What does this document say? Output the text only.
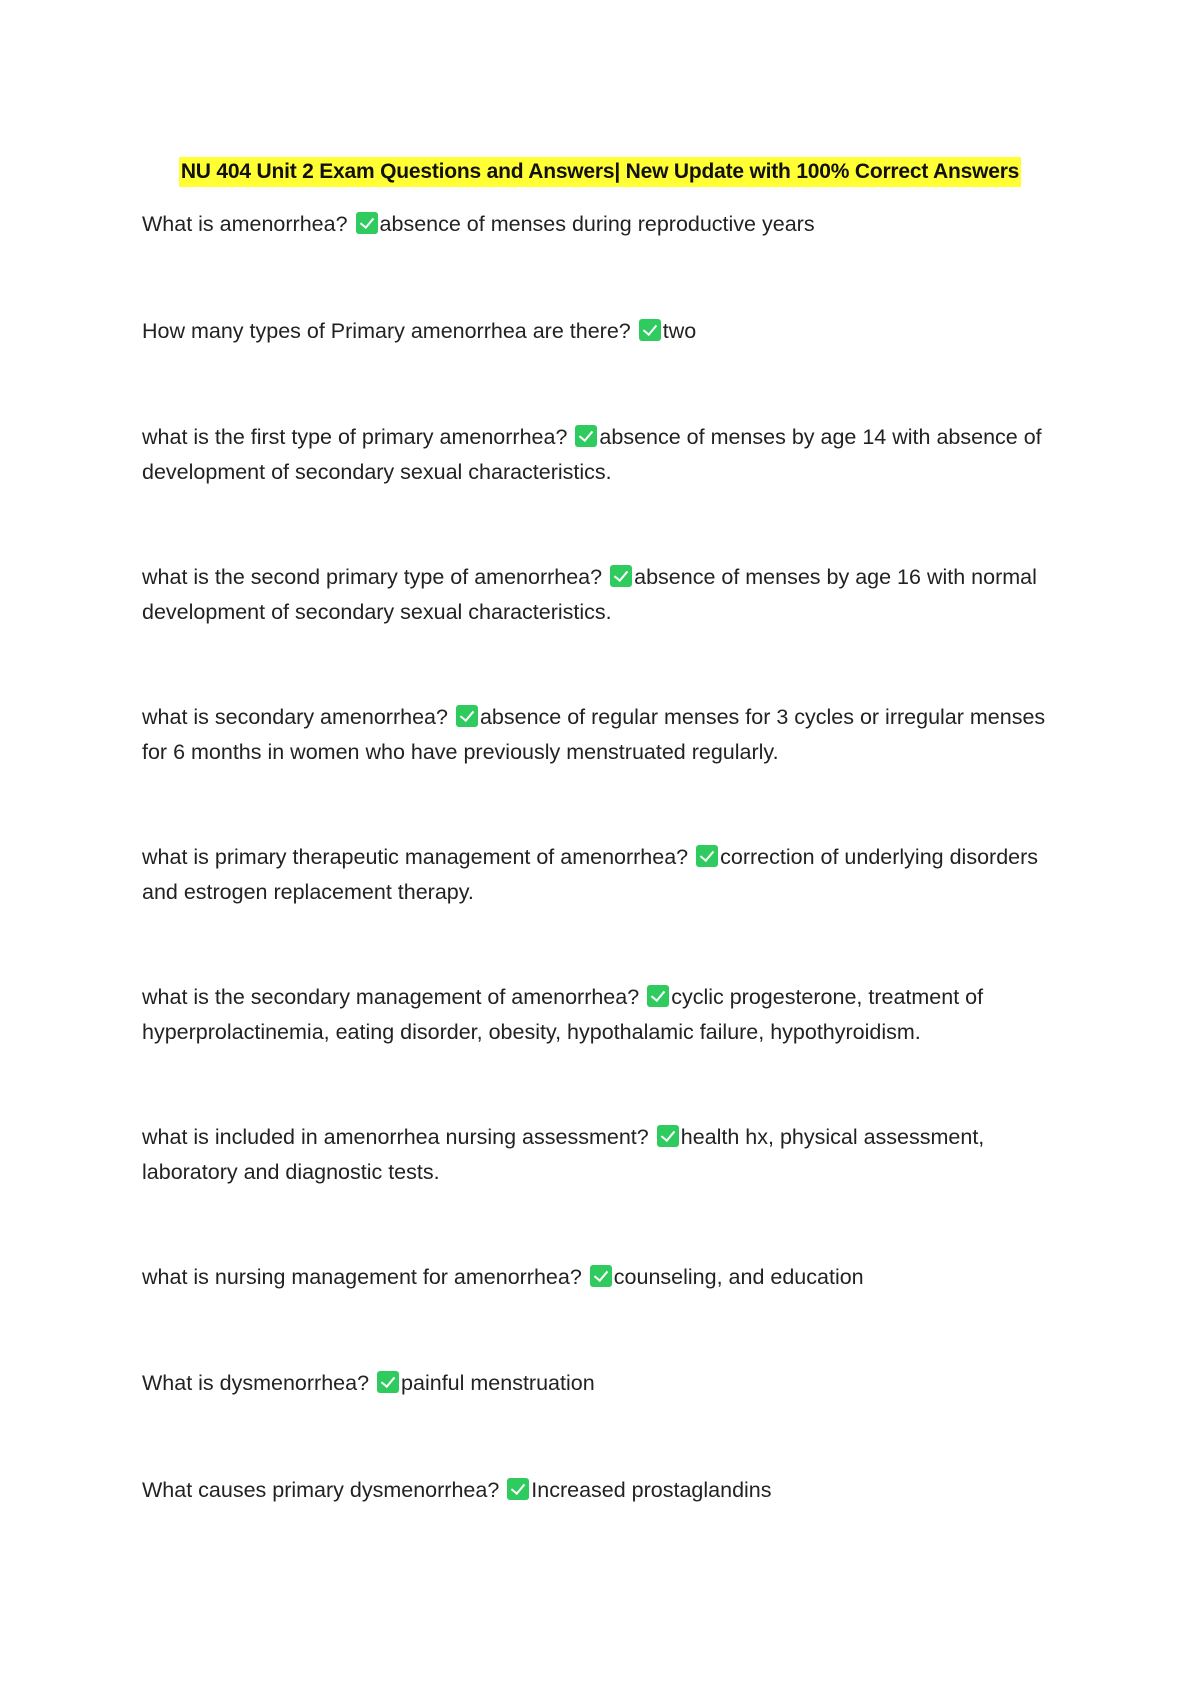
NU 404 Unit 2 Exam Questions and Answers| New Update with 100% Correct Answers
What is amenorrhea? absence of menses during reproductive years
How many types of Primary amenorrhea are there? two
what is the first type of primary amenorrhea? absence of menses by age 14 with absence of development of secondary sexual characteristics.
what is the second primary type of amenorrhea? absence of menses by age 16 with normal development of secondary sexual characteristics.
what is secondary amenorrhea? absence of regular menses for 3 cycles or irregular menses for 6 months in women who have previously menstruated regularly.
what is primary therapeutic management of amenorrhea? correction of underlying disorders and estrogen replacement therapy.
what is the secondary management of amenorrhea? cyclic progesterone, treatment of hyperprolactinemia, eating disorder, obesity, hypothalamic failure, hypothyroidism.
what is included in amenorrhea nursing assessment? health hx, physical assessment, laboratory and diagnostic tests.
what is nursing management for amenorrhea? counseling, and education
What is dysmenorrhea? painful menstruation
What causes primary dysmenorrhea? Increased prostaglandins
